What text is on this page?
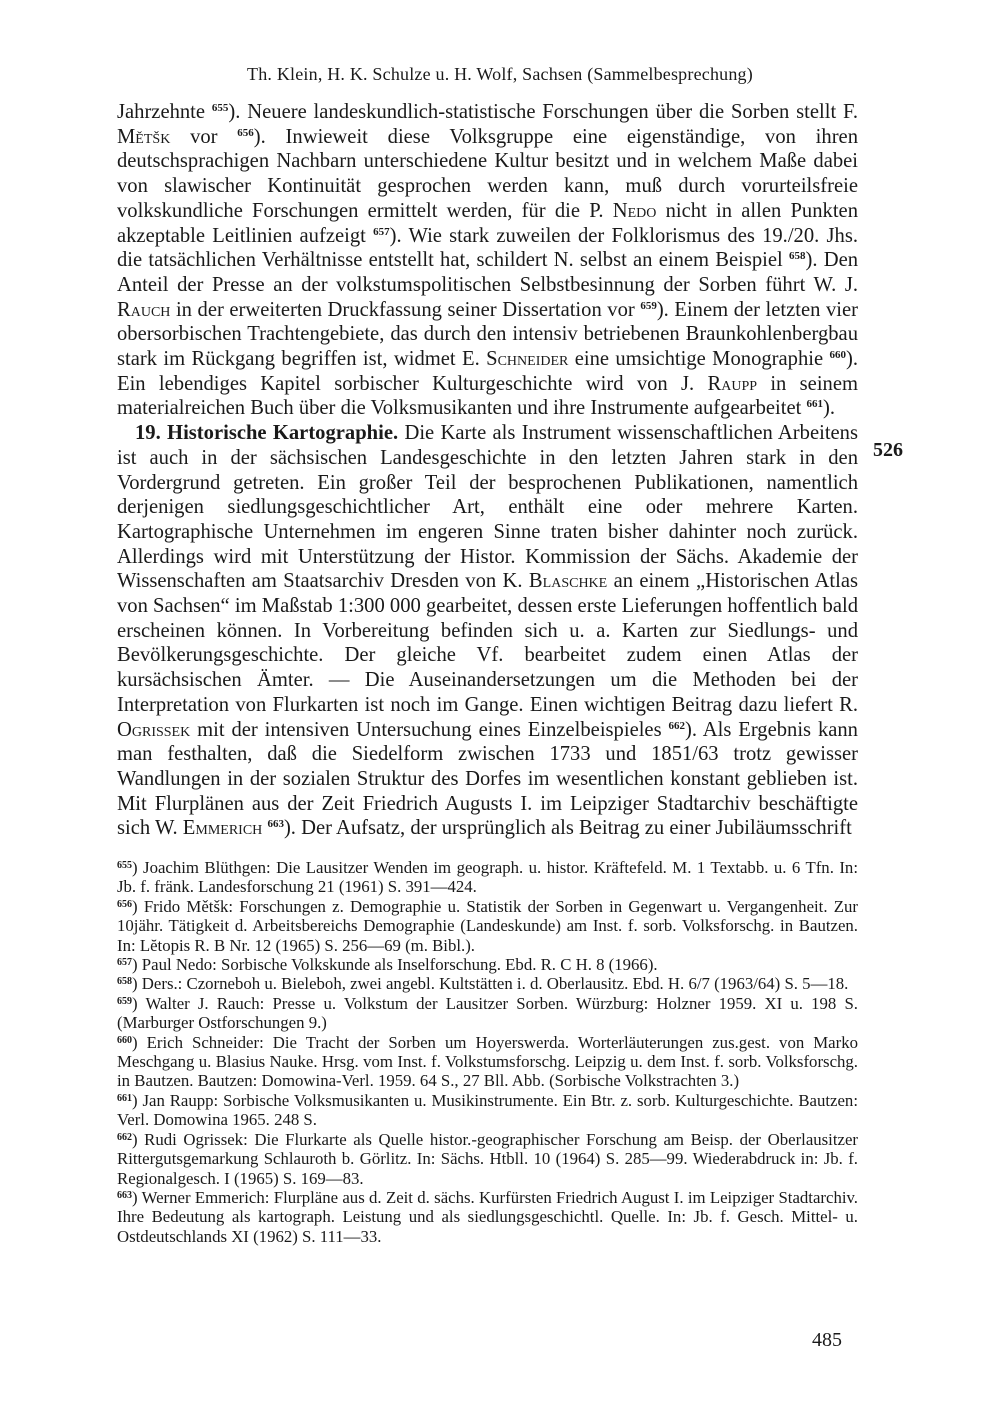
Th. Klein, H. K. Schulze u. H. Wolf, Sachsen (Sammelbesprechung)

Jahrzehnte $^{655}$). Neuere landeskundlich-statistische Forschungen über die Sorben stellt F. Mětšk vor $^{656}$). Inwieweit diese Volksgruppe eine eigenständige, von ihren deutschsprachigen Nachbarn unterschiedene Kultur besitzt und in welchem Maße dabei von slawischer Kontinuität gesprochen werden kann, muß durch vorurteilsfreie volkskundliche Forschungen ermittelt werden, für die P. Nedo nicht in allen Punkten akzeptable Leitlinien aufzeigt $^{657}$). Wie stark zuweilen der Folklorismus des 19./20. Jhs. die tatsächlichen Verhältnisse entstellt hat, schildert N. selbst an einem Beispiel $^{658}$). Den Anteil der Presse an der volkstumspolitischen Selbstbesinnung der Sorben führt W. J. Rauch in der erweiterten Druckfassung seiner Dissertation vor $^{659}$). Einem der letzten vier obersorbischen Trachtengebiete, das durch den intensiv betriebenen Braunkohlenbergbau stark im Rückgang begriffen ist, widmet E. Schneider eine umsichtige Monographie $^{660}$). Ein lebendiges Kapitel sorbischer Kulturgeschichte wird von J. Raupp in seinem materialreichen Buch über die Volksmusikanten und ihre Instrumente aufgearbeitet $^{661}$).

19. Historische Kartographie. Die Karte als Instrument wissenschaftlichen Arbeitens ist auch in der sächsischen Landesgeschichte in den letzten Jahren stark in den Vordergrund getreten. Ein großer Teil der besprochenen Publikationen, namentlich derjenigen siedlungsgeschichtlicher Art, enthält eine oder mehrere Karten. Kartographische Unternehmen im engeren Sinne traten bisher dahinter noch zurück. Allerdings wird mit Unterstützung der Histor. Kommission der Sächs. Akademie der Wissenschaften am Staatsarchiv Dresden von K. Blaschke an einem „Historischen Atlas von Sachsen“ im Maßstab 1:300 000 gearbeitet, dessen erste Lieferungen hoffentlich bald erscheinen können. In Vorbereitung befinden sich u. a. Karten zur Siedlungs- und Bevölkerungsgeschichte. Der gleiche Vf. bearbeitet zudem einen Atlas der kursächsischen Ämter. — Die Auseinandersetzungen um die Methoden bei der Interpretation von Flurkarten ist noch im Gange. Einen wichtigen Beitrag dazu liefert R. Ogrissek mit der intensiven Untersuchung eines Einzelbeispieles $^{662}$). Als Ergebnis kann man festhalten, daß die Siedelform zwischen 1733 und 1851/63 trotz gewisser Wandlungen in der sozialen Struktur des Dorfes im wesentlichen konstant geblieben ist. Mit Flurplänen aus der Zeit Friedrich Augusts I. im Leipziger Stadtarchiv beschäftigte sich W. Emmerich $^{663}$). Der Aufsatz, der ursprünglich als Beitrag zu einer Jubiläumsschrift

526

$^{655}$) Joachim Blüthgen: Die Lausitzer Wenden im geograph. u. histor. Kräftefeld. M. 1 Textabb. u. 6 Tfn. In: Jb. f. fränk. Landesforschung 21 (1961) S. 391—424.

$^{656}$) Frido Mětšk: Forschungen z. Demographie u. Statistik der Sorben in Gegenwart u. Vergangenheit. Zur 10jähr. Tätigkeit d. Arbeitsbereichs Demographie (Landeskunde) am Inst. f. sorb. Volksforschg. in Bautzen. In: Lĕtopis R. B Nr. 12 (1965) S. 256—69 (m. Bibl.).

$^{657}$) Paul Nedo: Sorbische Volkskunde als Inselforschung. Ebd. R. C H. 8 (1966).

$^{658}$) Ders.: Czorneboh u. Bieleboh, zwei angebl. Kultstätten i. d. Oberlausitz. Ebd. H. 6/7 (1963/64) S. 5—18.

$^{659}$) Walter J. Rauch: Presse u. Volkstum der Lausitzer Sorben. Würzburg: Holzner 1959. XI u. 198 S. (Marburger Ostforschungen 9.)

$^{660}$) Erich Schneider: Die Tracht der Sorben um Hoyerswerda. Worterläuterungen zus.gest. von Marko Meschgang u. Blasius Nauke. Hrsg. vom Inst. f. Volkstumsforschg. Leipzig u. dem Inst. f. sorb. Volksforschg. in Bautzen. Bautzen: Domowina-Verl. 1959. 64 S., 27 Bll. Abb. (Sorbische Volkstrachten 3.)

$^{661}$) Jan Raupp: Sorbische Volksmusikanten u. Musikinstrumente. Ein Btr. z. sorb. Kulturgeschichte. Bautzen: Verl. Domowina 1965. 248 S.

$^{662}$) Rudi Ogrissek: Die Flurkarte als Quelle histor.-geographischer Forschung am Beisp. der Oberlausitzer Rittergutsgemarkung Schlauroth b. Görlitz. In: Sächs. Htbll. 10 (1964) S. 285—99. Wiederabdruck in: Jb. f. Regionalgesch. I (1965) S. 169—83.

$^{663}$) Werner Emmerich: Flurpläne aus d. Zeit d. sächs. Kurfürsten Friedrich August I. im Leipziger Stadtarchiv. Ihre Bedeutung als kartograph. Leistung und als siedlungsgeschichtl. Quelle. In: Jb. f. Gesch. Mittel- u. Ostdeutschlands XI (1962) S. 111—33.

485
